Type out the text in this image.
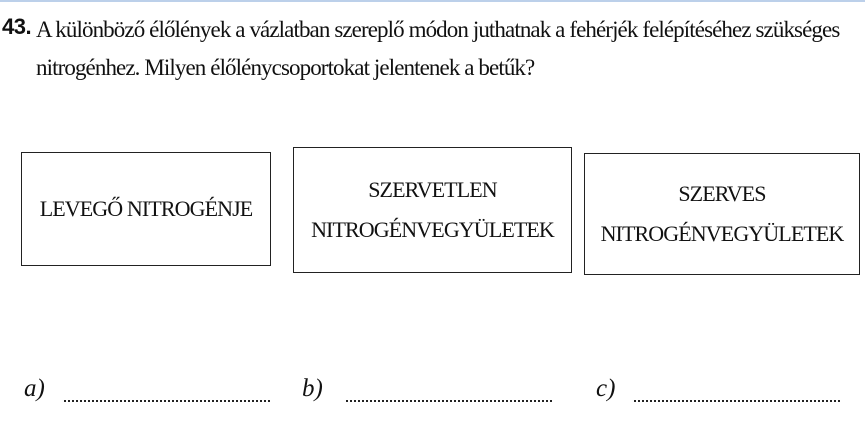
43. A különböző élőlények a vázlatban szereplő módon juthatnak a fehérjék felépítéséhez szükséges nitrogénhez. Milyen élőlénycsoportokat jelentenek a betűk?
LEVEGŐ NITROGÉNJE
SZERVETLEN
NITROGÉNVEGYÜLETEK
SZERVES
NITROGÉNVEGYÜLETEK
a)	b)	c)
